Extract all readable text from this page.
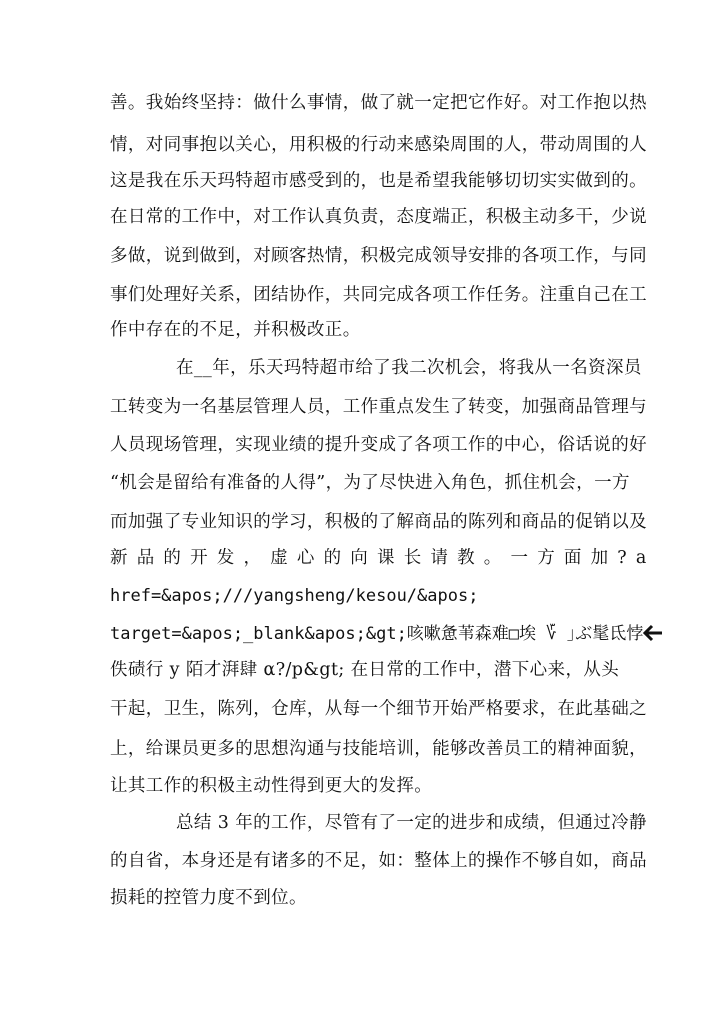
善。我始终坚持：做什么事情，做了就一定把它作好。对工作抱以热
情，对同事抱以关心，用积极的行动来感染周围的人，带动周围的人
这是我在乐天玛特超市感受到的，也是希望我能够切切实实做到的。
在日常的工作中，对工作认真负责，态度端正，积极主动多干，少说
多做，说到做到，对顾客热情，积极完成领导安排的各项工作，与同
事们处理好关系，团结协作，共同完成各项工作任务。注重自己在工
作中存在的不足，并积极改正。
在__年，乐天玛特超市给了我二次机会，将我从一名资深员
工转变为一名基层管理人员，工作重点发生了转变，加强商品管理与
人员现场管理，实现业绩的提升变成了各项工作的中心，俗话说的好
“机会是留给有准备的人得”，为了尽快进入角色，抓住机会，一方
而加强了专业知识的学习，积极的了解商品的陈列和商品的促销以及
新品的开发，虚心的向课长请教。一方面加?a
href=&apos;///yangsheng/kesou/&apos;
target=&apos;_blank&apos;&gt;咳嗽惫苇森难□埃 ؆ ｣ぶ髦氐悖
佚碛行 y 陌才湃肆 α?/p&gt; 在日常的工作中，潜下心来，从头
干起，卫生，陈列，仓库，从每一个细节开始严格要求，在此基础之
上，给课员更多的思想沟通与技能培训，能够改善员工的精神面貌，
让其工作的积极主动性得到更大的发挥。
总结 3 年的工作，尽管有了一定的进步和成绩，但通过冷静
的自省，本身还是有诸多的不足，如：整体上的操作不够自如，商品
损耗的控管力度不到位。
